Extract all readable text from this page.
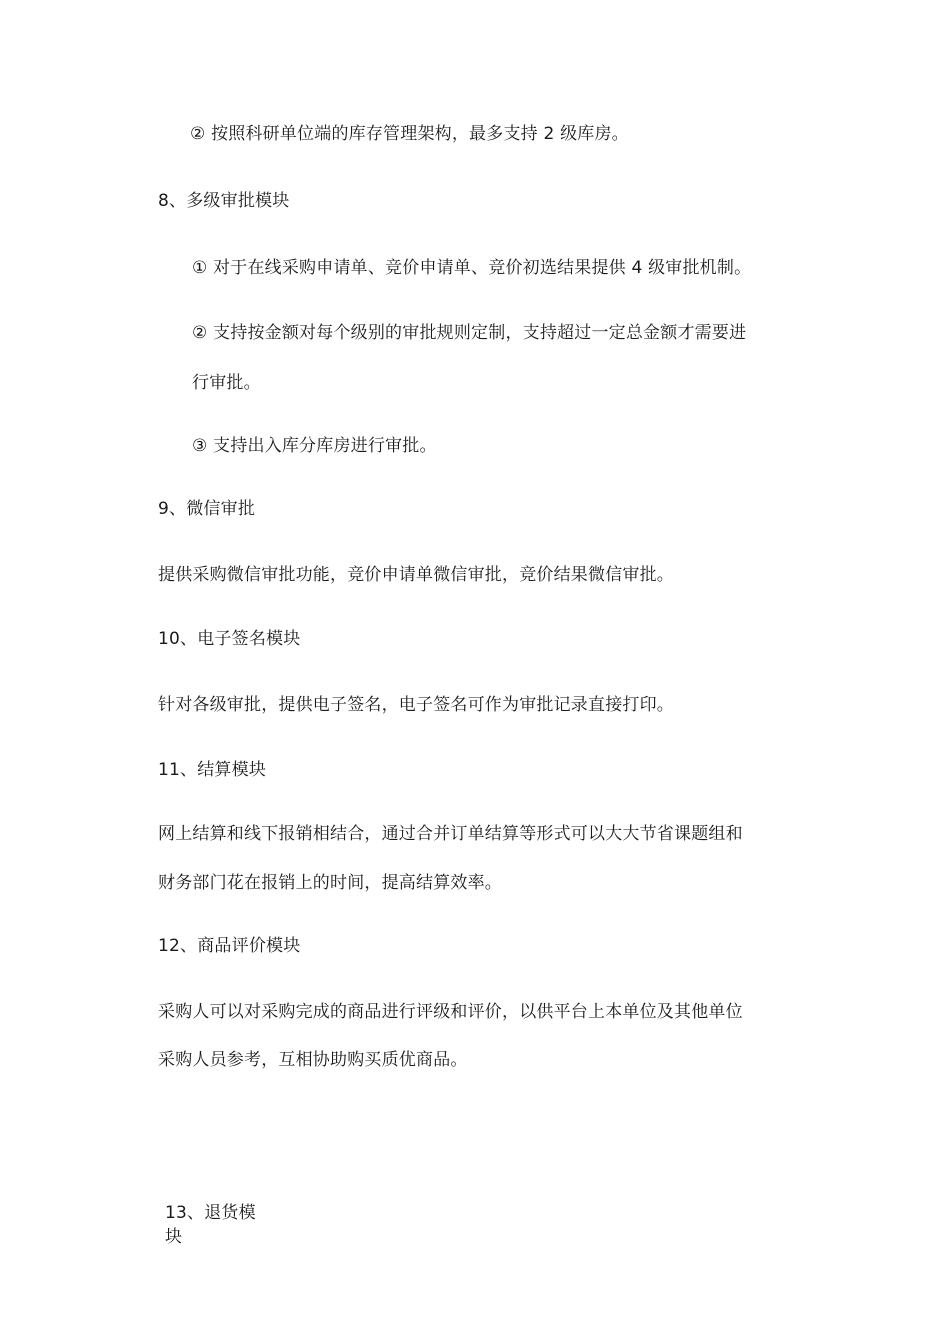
② 按照科研单位端的库存管理架构，最多支持 2 级库房。
8、多级审批模块
① 对于在线采购申请单、竞价申请单、竞价初选结果提供 4 级审批机制。
② 支持按金额对每个级别的审批规则定制，支持超过一定总金额才需要进
行审批。
③ 支持出入库分库房进行审批。
9、微信审批
提供采购微信审批功能，竞价申请单微信审批，竞价结果微信审批。
10、电子签名模块
针对各级审批，提供电子签名，电子签名可作为审批记录直接打印。
11、结算模块
网上结算和线下报销相结合，通过合并订单结算等形式可以大大节省课题组和
财务部门花在报销上的时间，提高结算效率。
12、商品评价模块
采购人可以对采购完成的商品进行评级和评价，以供平台上本单位及其他单位
采购人员参考，互相协助购买质优商品。
13、退货模
块
